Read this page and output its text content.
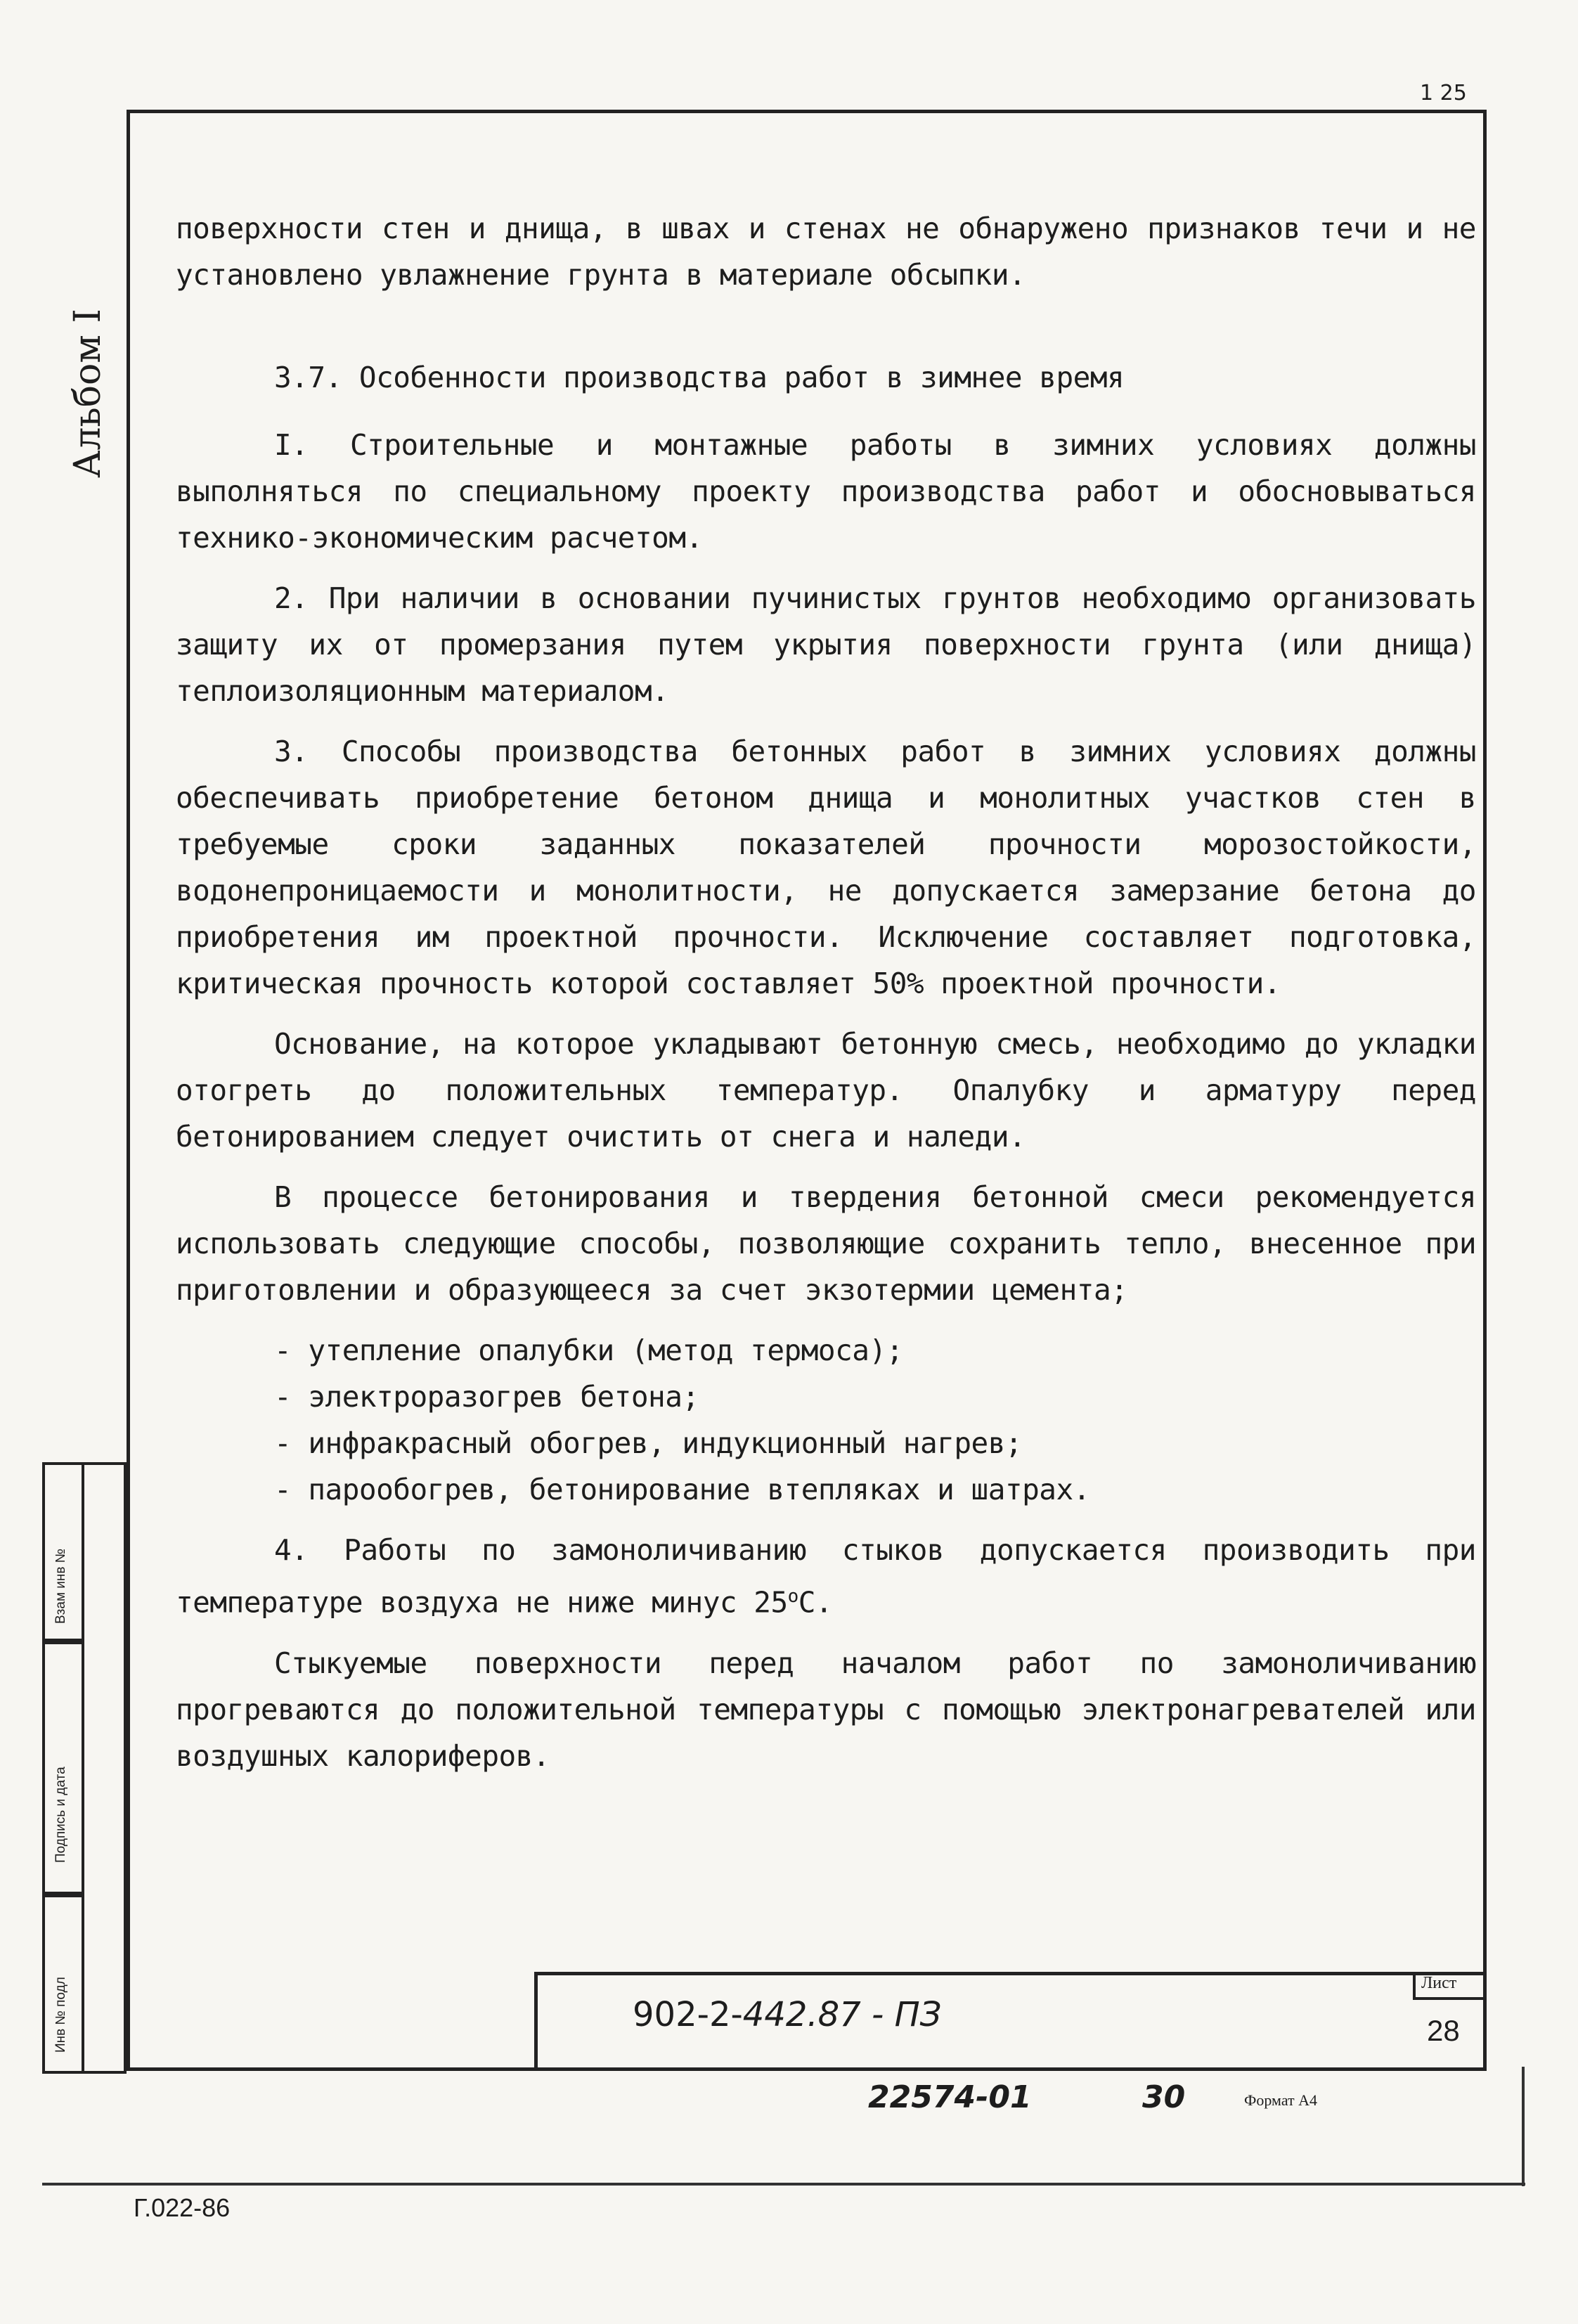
1 25
Альбом I

поверхности стен и днища, в швах и стенах не обнаружено признаков течи и не установлено увлажнение грунта в материале обсыпки.

3.7. Особенности производства работ в зимнее время

I. Строительные и монтажные работы в зимних условиях должны выполняться по специальному проекту производства работ и обосновываться технико-экономическим расчетом.

2. При наличии в основании пучинистых грунтов необходимо организовать защиту их от промерзания путем укрытия поверхности грунта (или днища) теплоизоляционным материалом.

3. Способы производства бетонных работ в зимних условиях должны обеспечивать приобретение бетоном днища и монолитных участков стен в требуемые сроки заданных показателей прочности морозостойкости, водонепроницаемости и монолитности, не допускается замерзание бетона до приобретения им проектной прочности. Исключение составляет подготовка, критическая прочность которой составляет 50% проектной прочности.

Основание, на которое укладывают бетонную смесь, необходимо до укладки отогреть до положительных температур. Опалубку и арматуру перед бетонированием следует очистить от снега и наледи.

В процессе бетонирования и твердения бетонной смеси рекомендуется использовать следующие способы, позволяющие сохранить тепло, внесенное при приготовлении и образующееся за счет экзотермии цемента;

- утепление опалубки (метод термоса);
- электроразогрев бетона;
- инфракрасный обогрев, индукционный нагрев;
- парообогрев, бетонирование втеплякax и шатрах.

4. Работы по замоноличиванию стыков допускается производить при температуре воздуха не ниже минус $25^оС$.

Стыкуемые поверхности перед началом работ по замоноличиванию прогреваются до положительной температуры с помощью электронагревателей или воздушных калориферов.

Взам инв №
Подпись и дата
Инв № подл	902-2-442.87 - ПЗ
Лист
28
22574-01	30	Формат А4
Г.022-86
